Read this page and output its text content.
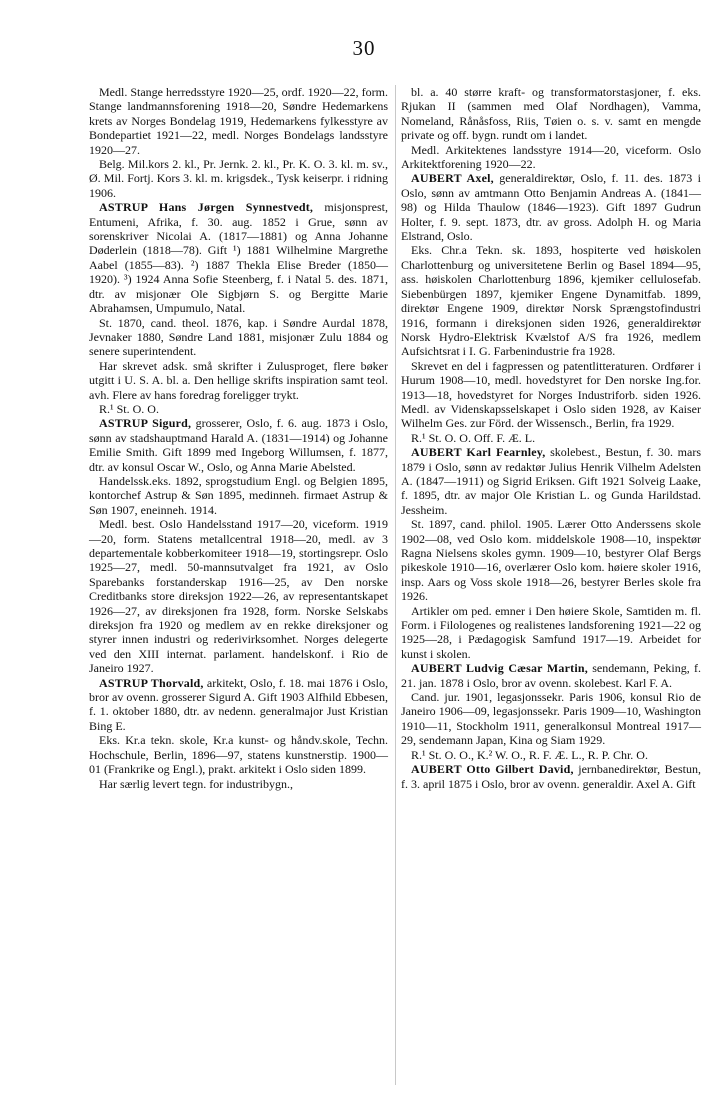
30

Medl. Stange herredsstyre 1920—25, ordf. 1920—22, form. Stange landmannsforening 1918—20, Søndre Hedemarkens krets av Norges Bondelag 1919, Hedemarkens fylkesstyre av Bondepartiet 1921—22, medl. Norges Bondelags landsstyre 1920—27.

Belg. Mil.kors 2. kl., Pr. Jernk. 2. kl., Pr. K. O. 3. kl. m. sv., Ø. Mil. Fortj. Kors 3. kl. m. krigsdek., Tysk keiserpr. i ridning 1906.

ASTRUP Hans Jørgen Synnestvedt, misjonsprest, Entumeni, Afrika, f. 30. aug. 1852 i Grue, sønn av sorenskriver Nicolai A. (1817—1881) og Anna Johanne Døderlein (1818—78). Gift ¹) 1881 Wilhelmine Margrethe Aabel (1855—83). ²) 1887 Thekla Elise Breder (1850—1920). ³) 1924 Anna Sofie Steenberg, f. i Natal 5. des. 1871, dtr. av misjonær Ole Sigbjørn S. og Bergitte Marie Abrahamsen, Umpumulo, Natal.

St. 1870, cand. theol. 1876, kap. i Søndre Aurdal 1878, Jevnaker 1880, Søndre Land 1881, misjonær Zulu 1884 og senere superintendent.

Har skrevet adsk. små skrifter i Zulusproget, flere bøker utgitt i U. S. A. bl. a. Den hellige skrifts inspiration samt teol. avh. Flere av hans foredrag foreligger trykt.

R.¹ St. O. O.

ASTRUP Sigurd, grosserer, Oslo, f. 6. aug. 1873 i Oslo, sønn av stadshauptmand Harald A. (1831—1914) og Johanne Emilie Smith. Gift 1899 med Ingeborg Willumsen, f. 1877, dtr. av konsul Oscar W., Oslo, og Anna Marie Abelsted.

Handelssk.eks. 1892, sprogstudium Engl. og Belgien 1895, kontorchef Astrup & Søn 1895, medinneh. firmaet Astrup & Søn 1907, eneinneh. 1914.

Medl. best. Oslo Handelsstand 1917—20, viceform. 1919—20, form. Statens metallcentral 1918—20, medl. av 3 departementale kobberkomiteer 1918—19, stortingsrepr. Oslo 1925—27, medl. 50-mannsutvalget fra 1921, av Oslo Sparebanks forstanderskap 1916—25, av Den norske Creditbanks store direksjon 1922—26, av representantskapet 1926—27, av direksjonen fra 1928, form. Norske Selskabs direksjon fra 1920 og medlem av en rekke direksjoner og styrer innen industri og rederivirksomhet. Norges delegerte ved den XIII internat. parlament. handelskonf. i Rio de Janeiro 1927.

ASTRUP Thorvald, arkitekt, Oslo, f. 18. mai 1876 i Oslo, bror av ovenn. grosserer Sigurd A. Gift 1903 Alfhild Ebbesen, f. 1. oktober 1880, dtr. av nedenn. generalmajor Just Kristian Bing E.

Eks. Kr.a tekn. skole, Kr.a kunst- og håndv.skole, Techn. Hochschule, Berlin, 1896—97, statens kunstnerstip. 1900—01 (Frankrike og Engl.), prakt. arkitekt i Oslo siden 1899.

Har særlig levert tegn. for industribygn.,

bl. a. 40 større kraft- og transformatorstasjoner, f. eks. Rjukan II (sammen med Olaf Nordhagen), Vamma, Nomeland, Rånåsfoss, Riis, Tøien o. s. v. samt en mengde private og off. bygn. rundt om i landet.

Medl. Arkitektenes landsstyre 1914—20, viceform. Oslo Arkitektforening 1920—22.

AUBERT Axel, generaldirektør, Oslo, f. 11. des. 1873 i Oslo, sønn av amtmann Otto Benjamin Andreas A. (1841—98) og Hilda Thaulow (1846—1923). Gift 1897 Gudrun Holter, f. 9. sept. 1873, dtr. av gross. Adolph H. og Maria Elstrand, Oslo.

Eks. Chr.a Tekn. sk. 1893, hospiterte ved høiskolen Charlottenburg og universitetene Berlin og Basel 1894—95, ass. høiskolen Charlottenburg 1896, kjemiker cellulosefab. Siebenbürgen 1897, kjemiker Engene Dynamitfab. 1899, direktør Engene 1909, direktør Norsk Sprængstofindustri 1916, formann i direksjonen siden 1926, generaldirektør Norsk Hydro-Elektrisk Kvælstof A/S fra 1926, medlem Aufsichtsrat i I. G. Farbenindustrie fra 1928.

Skrevet en del i fagpressen og patentlitteraturen. Ordfører i Hurum 1908—10, medl. hovedstyret for Den norske Ing.for. 1913—18, hovedstyret for Norges Industriforb. siden 1926. Medl. av Videnskapsselskapet i Oslo siden 1928, av Kaiser Wilhelm Ges. zur Förd. der Wissensch., Berlin, fra 1929.

R.¹ St. O. O. Off. F. Æ. L.

AUBERT Karl Fearnley, skolebest., Bestun, f. 30. mars 1879 i Oslo, sønn av redaktør Julius Henrik Vilhelm Adelsten A. (1847—1911) og Sigrid Eriksen. Gift 1921 Solveig Laake, f. 1895, dtr. av major Ole Kristian L. og Gunda Harildstad. Jessheim.

St. 1897, cand. philol. 1905. Lærer Otto Anderssens skole 1902—08, ved Oslo kom. middelskole 1908—10, inspektør Ragna Nielsens skoles gymn. 1909—10, bestyrer Olaf Bergs pikeskole 1910—16, overlærer Oslo kom. høiere skoler 1916, insp. Aars og Voss skole 1918—26, bestyrer Berles skole fra 1926.

Artikler om ped. emner i Den høiere Skole, Samtiden m. fl. Form. i Filologenes og realistenes landsforening 1921—22 og 1925—28, i Pædagogisk Samfund 1917—19. Arbeidet for kunst i skolen.

AUBERT Ludvig Cæsar Martin, sendemann, Peking, f. 21. jan. 1878 i Oslo, bror av ovenn. skolebest. Karl F. A.

Cand. jur. 1901, legasjonssekr. Paris 1906, konsul Rio de Janeiro 1906—09, legasjonssekr. Paris 1909—10, Washington 1910—11, Stockholm 1911, generalkonsul Montreal 1917—29, sendemann Japan, Kina og Siam 1929.

R.¹ St. O. O., K.² W. O., R. F. Æ. L., R. P. Chr. O.

AUBERT Otto Gilbert David, jernbanedirektør, Bestun, f. 3. april 1875 i Oslo, bror av ovenn. generaldir. Axel A. Gift
